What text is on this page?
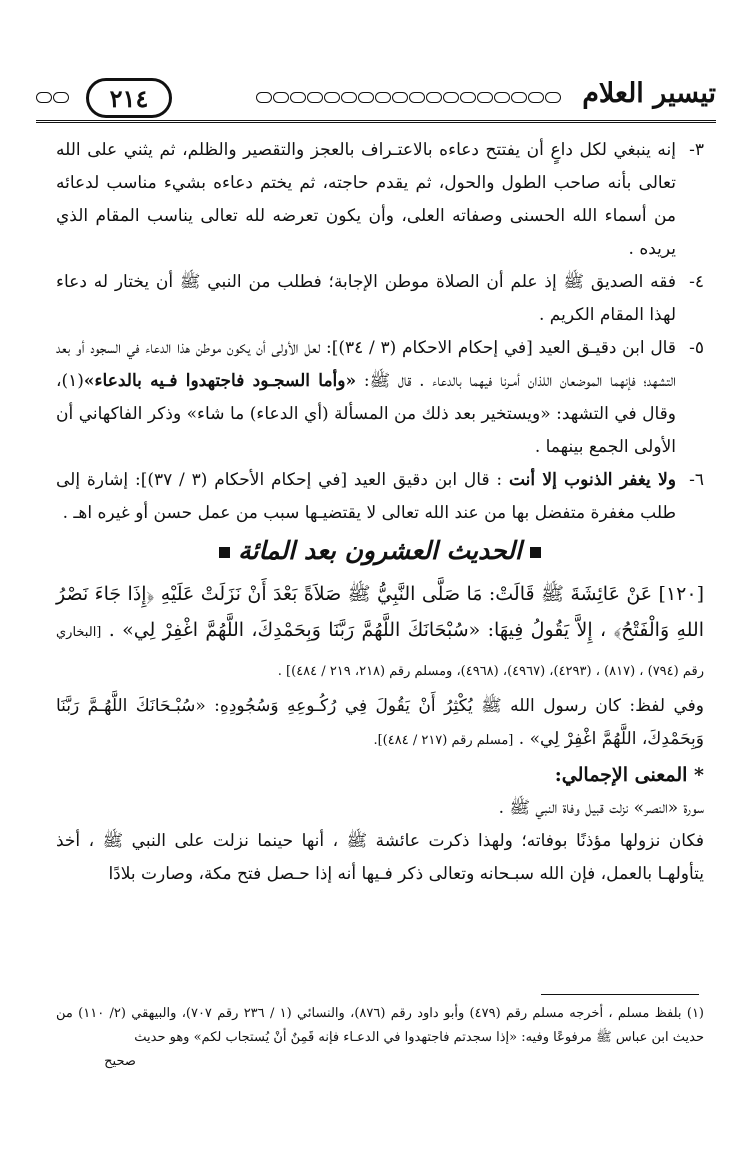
تيسير العلام
٢١٤
٣-
إنه ينبغي لكل داعٍ أن يفتتح دعاءه بالاعتـراف بالعجز والتقصير والظلم، ثم يثني على الله تعالى بأنه صاحب الطول والحول، ثم يقدم حاجته، ثم يختم دعاءه بشيء مناسب لدعائه من أسماء الله الحسنى وصفاته العلى، وأن يكون تعرضه لله تعالى يناسب المقام الذي يريده .
٤-
فقه الصديق ﷺ إذ علم أن الصلاة موطن الإجابة؛ فطلب من النبي ﷺ أن يختار له دعاء لهذا المقام الكريم .
٥-
قال ابن دقيـق العيد [في إحكام الاحكام (٣ / ٣٤)]: لعل الأولى أن يكون موطن هذا الدعاء في السجود أو بعد التشهد؛ فإنهما الموضعان اللذان أمـرنا فيهما بالدعاء . قال ﷺ: «وأما السجـود فاجتهدوا فـيه بالدعاء»(١)، وقال في التشهد: «ويستخير بعد ذلك من المسألة (أي الدعاء) ما شاء» وذكر الفاكهاني أن الأولى الجمع بينهما .
٦-
ولا يغفر الذنوب إلا أنت : قال ابن دقيق العيد [في إحكام الأحكام (٣ / ٣٧)]: إشارة إلى طلب مغفرة متفضل بها من عند الله تعالى لا يقتضيـها سبب من عمل حسن أو غيره اهـ .
الحديث العشرون بعد المائة
[١٢٠] عَنْ عَائِشَةَ ﷺ قَالَتْ: مَا صَلَّى النَّبِيُّ ﷺ صَلاَةً بَعْدَ أَنْ نَزَلَتْ عَلَيْهِ ﴿إِذَا جَاءَ نَصْرُ اللهِ وَالْفَتْحُ﴾ ، إِلاَّ يَقُولُ فِيهَا: «سُبْحَانَكَ اللَّهُمَّ رَبَّنَا وَبِحَمْدِكَ، اللَّهُمَّ اغْفِرْ لِي» . [البخاري رقم (٧٩٤) ، (٨١٧) ، (٤٢٩٣)، (٤٩٦٧)، (٤٩٦٨)، ومسلم رقم (٢١٨، ٢١٩ / ٤٨٤)] .
وفي لفظ: كان رسول الله ﷺ يُكْثِرُ أَنْ يَقُولَ فِي رُكُـوعِهِ وَسُجُودِهِ: «سُبْـحَانَكَ اللَّهُـمَّ رَبَّنَا وَبِحَمْدِكَ، اللَّهُمَّ اغْفِرْ لِي» . [مسلم رقم (٢١٧ / ٤٨٤)].
* المعنى الإجمالي:
سورة «النصر» نزلت قبيل وفاة النبي ﷺ .
فكان نزولها مؤذنًا بوفاته؛ ولهذا ذكرت عائشة ﷺ ، أنها حينما نزلت على النبي ﷺ ، أخذ يتأولهـا بالعمل، فإن الله سبـحانه وتعالى ذكر فـيها أنه إذا حـصل فتح مكة، وصارت بلادًا
(١) بلفظ مسلم ، أخرجه مسلم رقم (٤٧٩) وأبو داود رقم (٨٧٦)، والنسائي (١ / ٢٣٦ رقم ٧٠٧)، والبيهقي (٢/ ١١٠) من حديث ابن عباس ﷺ مرفوعًا وفيه: «إذا سجدتم فاجتهدوا في الدعـاء فإنه قَمِنٌ أنْ يُستجاب لكم» وهو حديث
صحيح
